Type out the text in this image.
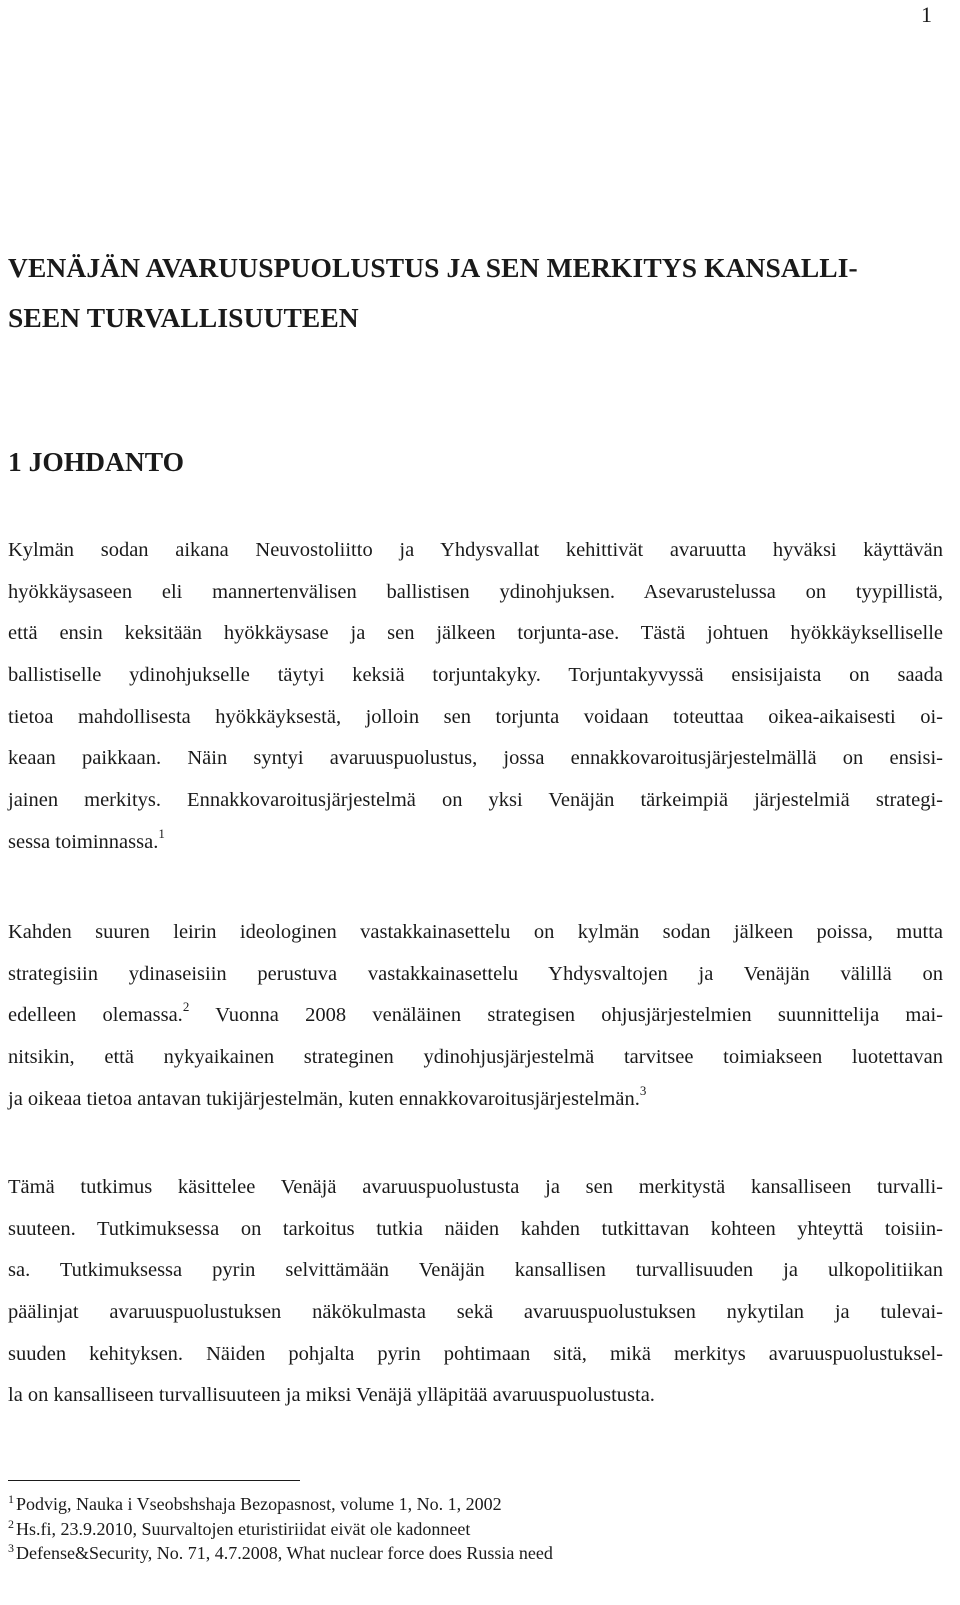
1
VENÄJÄN AVARUUSPUOLUSTUS JA SEN MERKITYS KANSALLI-
SEEN TURVALLISUUTEEN
1 JOHDANTO
Kylmän sodan aikana Neuvostoliitto ja Yhdysvallat kehittivät avaruutta hyväksi käyttävän
hyökkäysaseen eli mannertenvälisen ballistisen ydinohjuksen. Asevarustelussa on tyypillistä,
että ensin keksitään hyökkäysase ja sen jälkeen torjunta-ase. Tästä johtuen hyökkäykselliselle
ballistiselle ydinohjukselle täytyi keksiä torjuntakyky. Torjuntakyvyssä ensisijaista on saada
tietoa mahdollisesta hyökkäyksestä, jolloin sen torjunta voidaan toteuttaa oikea-aikaisesti oi-
keaan paikkaan. Näin syntyi avaruuspuolustus, jossa ennakkovaroitusjärjestelmällä on ensisi-
jainen merkitys. Ennakkovaroitusjärjestelmä on yksi Venäjän tärkeimpiä järjestelmiä strategi-
sessa toiminnassa.$^1$
Kahden suuren leirin ideologinen vastakkainasettelu on kylmän sodan jälkeen poissa, mutta
strategisiin ydinaseisiin perustuva vastakkainasettelu Yhdysvaltojen ja Venäjän välillä on
edelleen olemassa.$^2$ Vuonna 2008 venäläinen strategisen ohjusjärjestelmien suunnittelija mai-
nitsikin, että nykyaikainen strateginen ydinohjusjärjestelmä tarvitsee toimiakseen luotettavan
ja oikeaa tietoa antavan tukijärjestelmän, kuten ennakkovaroitusjärjestelmän.$^3$
Tämä tutkimus käsittelee Venäjä avaruuspuolustusta ja sen merkitystä kansalliseen turvalli-
suuteen. Tutkimuksessa on tarkoitus tutkia näiden kahden tutkittavan kohteen yhteyttä toisiin-
sa. Tutkimuksessa pyrin selvittämään Venäjän kansallisen turvallisuuden ja ulkopolitiikan
päälinjat avaruuspuolustuksen näkökulmasta sekä avaruuspuolustuksen nykytilan ja tulevai-
suuden kehityksen. Näiden pohjalta pyrin pohtimaan sitä, mikä merkitys avaruuspuolustuksel-
la on kansalliseen turvallisuuteen ja miksi Venäjä ylläpitää avaruuspuolustusta.
$^1$ Podvig, Nauka i Vseobshshaja Bezopasnost, volume 1, No. 1, 2002
$^2$ Hs.fi, 23.9.2010, Suurvaltojen eturistiriidat eivät ole kadonneet
$^3$ Defense&Security, No. 71, 4.7.2008, What nuclear force does Russia need
